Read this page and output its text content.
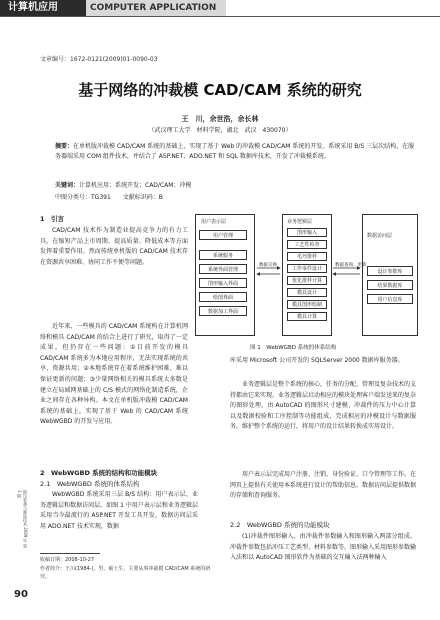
计算机应用	COMPUTER APPLICATION
文章编号：1672-0121(2009)01-0090-03
基于网络的冲裁模 CAD/CAM 系统的研究
王　川，余世浩，余长林
（武汉理工大学　材料学院，湖北　武汉　430070）
摘要：在单机版冲裁模 CAD/CAM 系统的基础上，实现了基于 Web 的冲裁模 CAD/CAM 系统的开发。系统采用 B/S 三层次结构，在服务器端采用 COM 组件技术，并结合了 ASP.NET、ADO.NET 和 SQL 数据库技术，开发了冲裁模系统。
关键词：计算机应用；系统开发；CAD/CAM；冲模
中图分类号：TG391　　 文献标识码：B
1　引言
CAD/CAM 技术作为制造业提高竞争力的有力工具，在缩短产品上市周期、提高质量、降低成本等方面发挥着重要作用。然而传统单机版的 CAD/CAM 技术存在资源共享困难、协同工作不便等问题。
近年来，一些模具的 CAD/CAM 系统构在计算机网络和模具 CAD/CAM 的结合上进行了研究，取得了一定成果。但仍存在一些问题：①目前开发的模具 CAD/CAM 系统多为本地应用程序，无法实现系统的共享、资源共用；②本地系统存在着系统维护困难、难以保证更新的问题；③少量网络相关的模具系统大多数是建立在局域网基础上的 C/S 模式的网络化制造系统，企业之间存在各种异构。本文在单机版冲裁模 CAD/CAM 系统的基础上，实现了基于 Web 的 CAD/CAM 系统 WebWGBD 的开发与应用。
2　WebWGBD 系统的结构和功能模块
2.1　WebWGBD 系统的体系结构
WebWGBD 系统采用三层 B/S 结构：用户表示层、业务逻辑层和数据访问层。如图 1 中用户表示层和业务逻辑层采用当今最流行的 ASP.NET 开发工具开发，数据访问层采用 ADO.NET 技术实现，数据
用户表示层
用户管理
系统服务
系统界面管理
图形输入界面
绘图界面
数据加工界面
数据交换
业务逻辑层
图形输入
工艺性检查
毛坯排样
工作零件设计
优化排样计算
模具设计
模具图形绘制
模具计算
数据查询、更新
数据访问层
设计参数库
结果数据库
用户信息库
图 1　WebWGBD 系统的体系结构
库采用 Microsoft 公司开发的 SQLServer 2000 数据库服务器。
业务逻辑层是整个系统的核心，任务的分配、管理及复杂技术的支持都由它来实现。业务逻辑层启动相应的模块处理客户端发送来的复杂的图形处理，由 AutoCAD 的图形尺寸建模、冲裁件的压力中心计算以及数据校验和工序控制等功能组成，完成相应的冲模设计与数据服务，维护整个系统的运行，将用户的设计结果转换成实用设计。
用户表示层完成用户注册、注销、身份验证、口令管理等工作。在网页上提供有关使用本系统进行设计的帮助信息。数据访问层提供数据的存储和查询服务。
2.2　WebWGBD 系统的功能模块
(1)冲裁件图形输入。由冲裁件参数输入和图形输入两部分组成。冲裁件参数包括冲压工艺类型、材料参数等。图形输入采用图形参数输入法和以 AutoCAD 图形软件为基础的交互输入法两种输入
锻压装备与制造技术 2009 年 第 1 期
收稿日期：2008-10-27
作者简介：王川(1984-)，男，硕士生，主要从事冲裁模 CAD/CAM 系统的研究。
90
